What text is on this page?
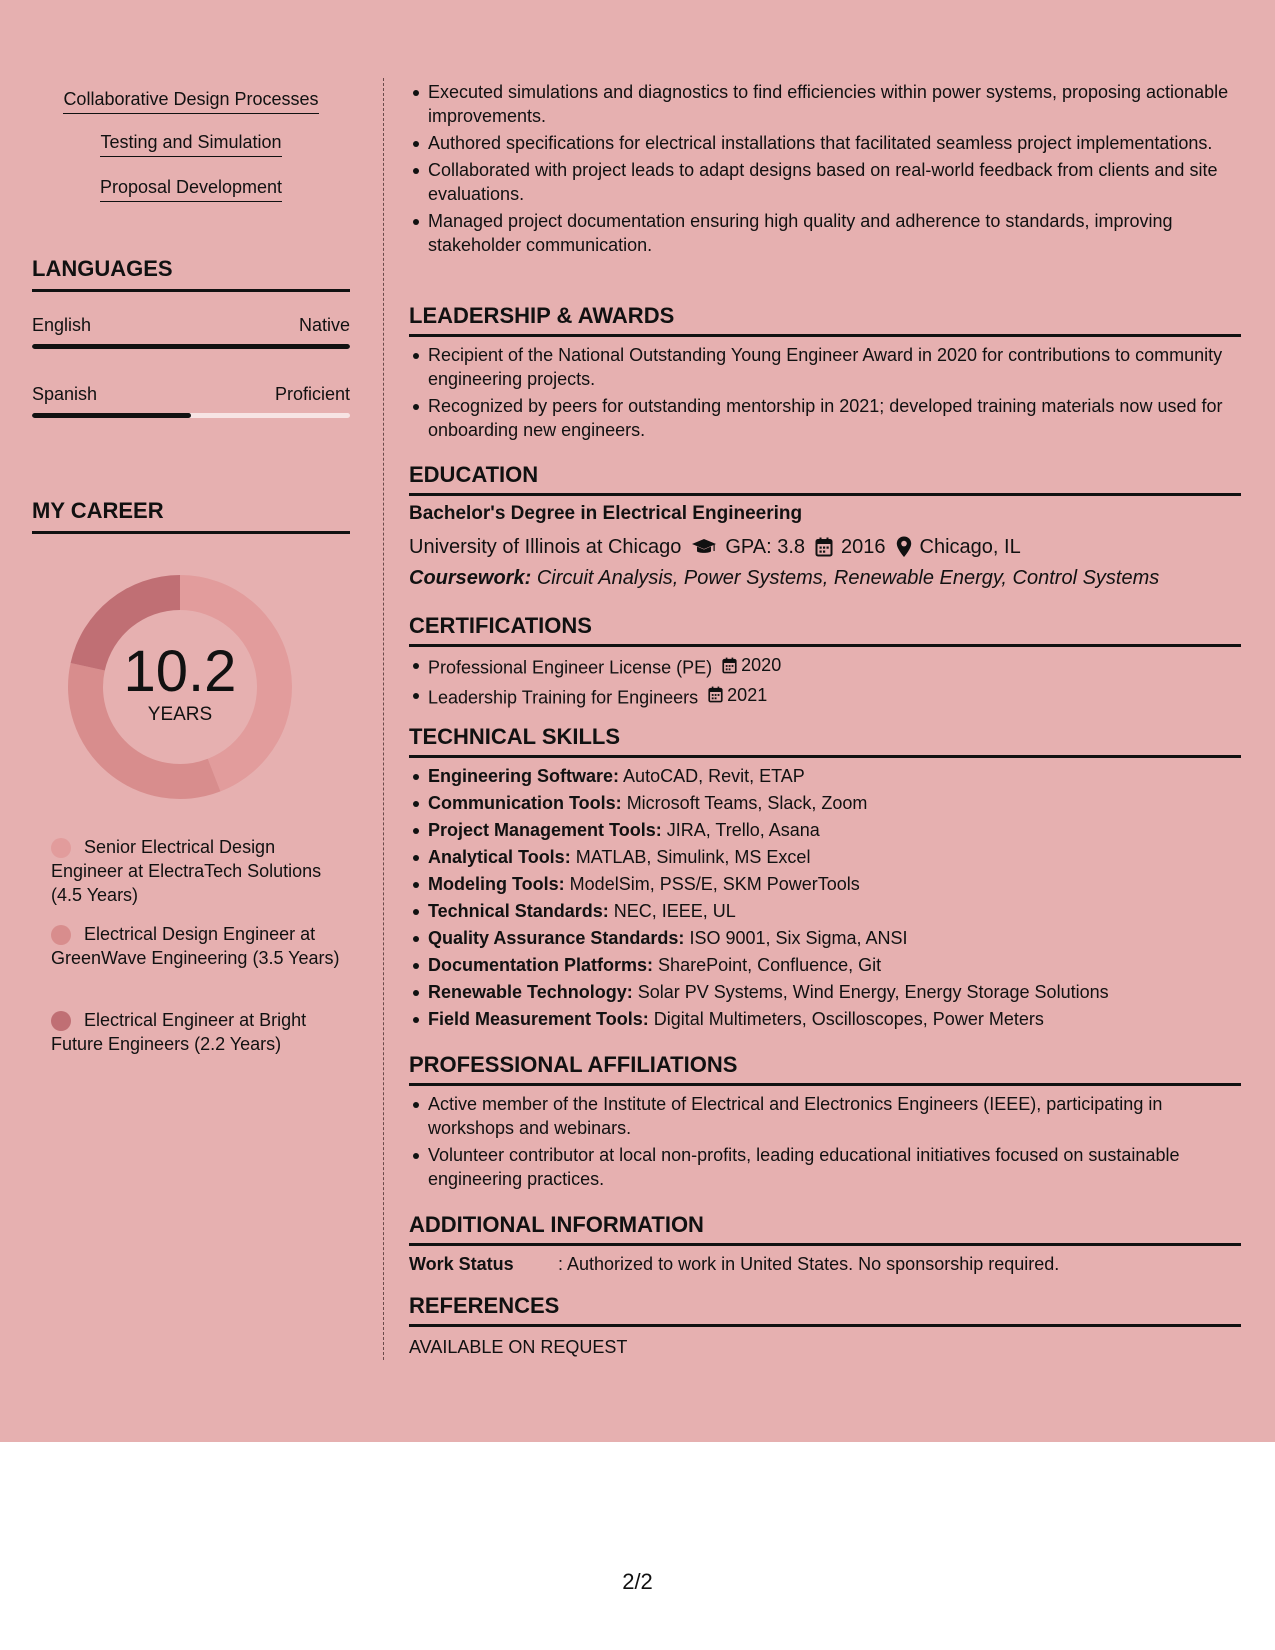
Collaborative Design Processes
Testing and Simulation
Proposal Development
LANGUAGES
English	Native
Spanish	Proficient
MY CAREER
10.2
YEARS
Senior Electrical Design Engineer at ElectraTech Solutions (4.5 Years)
Electrical Design Engineer at GreenWave Engineering (3.5 Years)
Electrical Engineer at Bright Future Engineers (2.2 Years)
Executed simulations and diagnostics to find efficiencies within power systems, proposing actionable improvements.
Authored specifications for electrical installations that facilitated seamless project implementations.
Collaborated with project leads to adapt designs based on real-world feedback from clients and site evaluations.
Managed project documentation ensuring high quality and adherence to standards, improving stakeholder communication.
LEADERSHIP & AWARDS
Recipient of the National Outstanding Young Engineer Award in 2020 for contributions to community engineering projects.
Recognized by peers for outstanding mentorship in 2021; developed training materials now used for onboarding new engineers.
EDUCATION
Bachelor's Degree in Electrical Engineering
University of Illinois at Chicago GPA: 3.8 2016 Chicago, IL
Coursework: Circuit Analysis, Power Systems, Renewable Energy, Control Systems
CERTIFICATIONS
Professional Engineer License (PE) 2020
Leadership Training for Engineers 2021
TECHNICAL SKILLS
Engineering Software: AutoCAD, Revit, ETAP
Communication Tools: Microsoft Teams, Slack, Zoom
Project Management Tools: JIRA, Trello, Asana
Analytical Tools: MATLAB, Simulink, MS Excel
Modeling Tools: ModelSim, PSS/E, SKM PowerTools
Technical Standards: NEC, IEEE, UL
Quality Assurance Standards: ISO 9001, Six Sigma, ANSI
Documentation Platforms: SharePoint, Confluence, Git
Renewable Technology: Solar PV Systems, Wind Energy, Energy Storage Solutions
Field Measurement Tools: Digital Multimeters, Oscilloscopes, Power Meters
PROFESSIONAL AFFILIATIONS
Active member of the Institute of Electrical and Electronics Engineers (IEEE), participating in workshops and webinars.
Volunteer contributor at local non-profits, leading educational initiatives focused on sustainable engineering practices.
ADDITIONAL INFORMATION
Work Status	: Authorized to work in United States. No sponsorship required.
REFERENCES
AVAILABLE ON REQUEST
2/2
